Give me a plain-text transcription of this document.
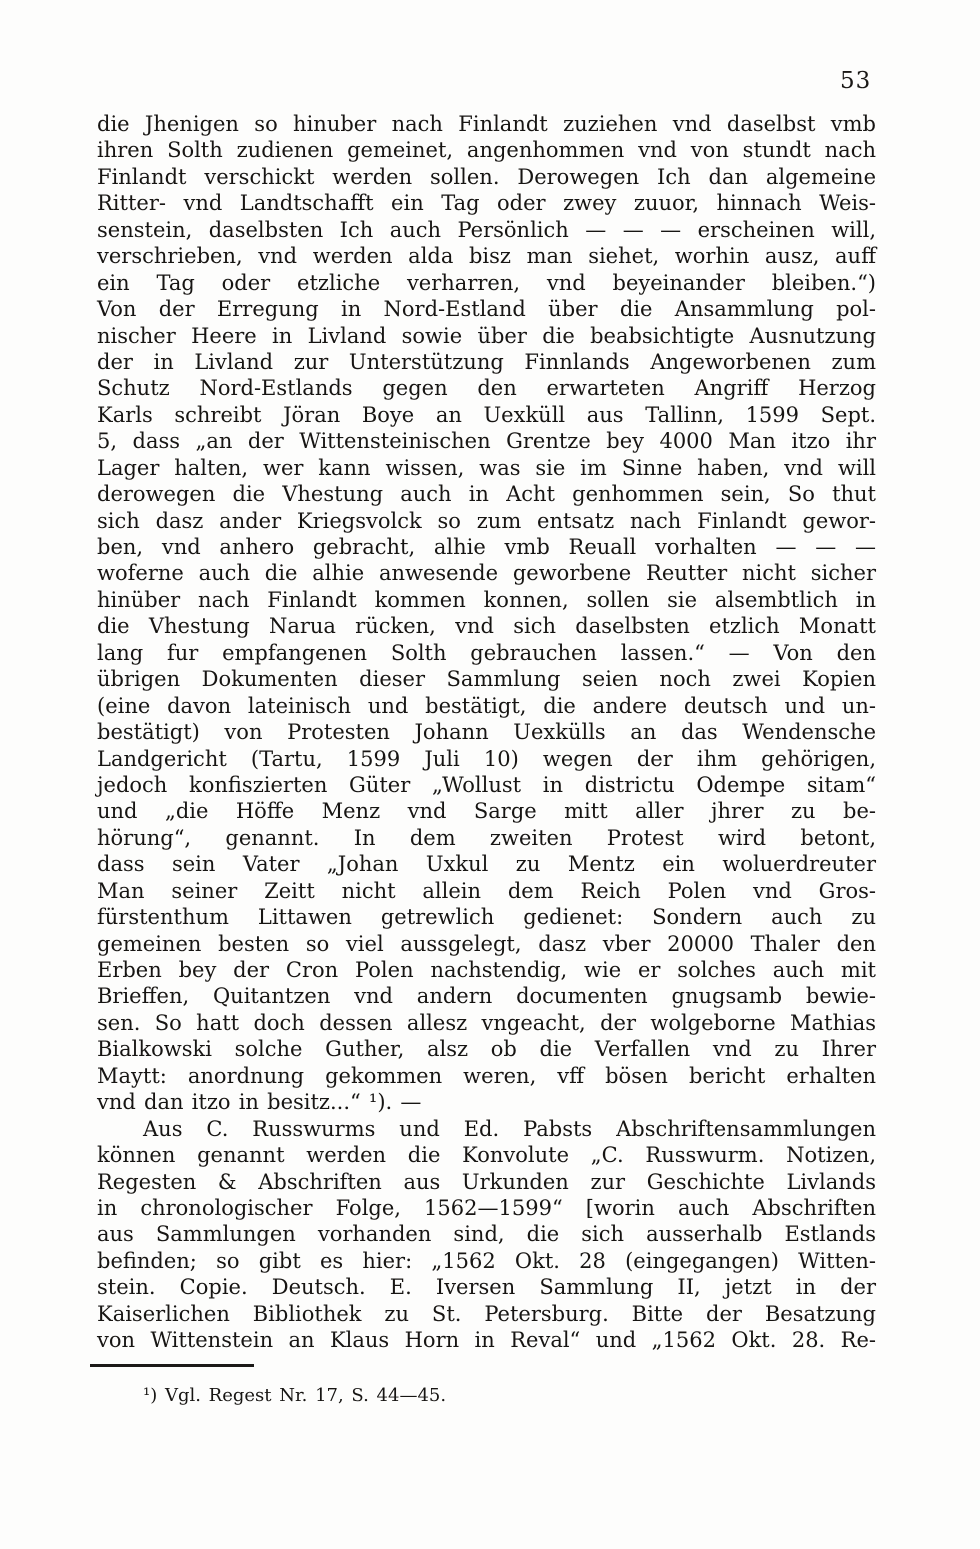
53
die Jhenigen so hinuber nach Finlandt zuziehen vnd daselbst vmb
ihren Solth zudienen gemeinet, angenhommen vnd von stundt nach
Finlandt verschickt werden sollen. Derowegen Ich dan algemeine
Ritter- vnd Landtschafft ein Tag oder zwey zuuor, hinnach Weis-
senstein, daselbsten Ich auch Persönlich — — — erscheinen will,
verschrieben, vnd werden alda bisz man siehet, worhin ausz, auff
ein Tag oder etzliche verharren, vnd beyeinander bleiben.“)
Von der Erregung in Nord-Estland über die Ansammlung pol-
nischer Heere in Livland sowie über die beabsichtigte Ausnutzung
der in Livland zur Unterstützung Finnlands Angeworbenen zum
Schutz Nord-Estlands gegen den erwarteten Angriff Herzog
Karls schreibt Jöran Boye an Uexküll aus Tallinn, 1599 Sept.
5, dass „an der Wittensteinischen Grentze bey 4000 Man itzo ihr
Lager halten, wer kann wissen, was sie im Sinne haben, vnd will
derowegen die Vhestung auch in Acht genhommen sein, So thut
sich dasz ander Kriegsvolck so zum entsatz nach Finlandt gewor-
ben, vnd anhero gebracht, alhie vmb Reuall vorhalten — — —
woferne auch die alhie anwesende geworbene Reutter nicht sicher
hinüber nach Finlandt kommen konnen, sollen sie alsembtlich in
die Vhestung Narua rücken, vnd sich daselbsten etzlich Monatt
lang fur empfangenen Solth gebrauchen lassen.“ — Von den
übrigen Dokumenten dieser Sammlung seien noch zwei Kopien
(eine davon lateinisch und bestätigt, die andere deutsch und un-
bestätigt) von Protesten Johann Uexkülls an das Wendensche
Landgericht (Tartu, 1599 Juli 10) wegen der ihm gehörigen,
jedoch konfiszierten Güter „Wollust in districtu Odempe sitam“
und „die Höffe Menz vnd Sarge mitt aller jhrer zu be-
hörung“, genannt. In dem zweiten Protest wird betont,
dass sein Vater „Johan Uxkul zu Mentz ein woluerdreuter
Man seiner Zeitt nicht allein dem Reich Polen vnd Gros-
fürstenthum Littawen getrewlich gedienet: Sondern auch zu
gemeinen besten so viel aussgelegt, dasz vber 20000 Thaler den
Erben bey der Cron Polen nachstendig, wie er solches auch mit
Brieffen, Quitantzen vnd andern documenten gnugsamb bewie-
sen. So hatt doch dessen allesz vngeacht, der wolgeborne Mathias
Bialkowski solche Guther, alsz ob die Verfallen vnd zu Ihrer
Maytt: anordnung gekommen weren, vff bösen bericht erhalten
vnd dan itzo in besitz...“ ¹). —
Aus C. Russwurms und Ed. Pabsts Abschriftensammlungen
können genannt werden die Konvolute „C. Russwurm. Notizen,
Regesten & Abschriften aus Urkunden zur Geschichte Livlands
in chronologischer Folge, 1562—1599“ [worin auch Abschriften
aus Sammlungen vorhanden sind, die sich ausserhalb Estlands
befinden; so gibt es hier: „1562 Okt. 28 (eingegangen) Witten-
stein. Copie. Deutsch. E. Iversen Sammlung II, jetzt in der
Kaiserlichen Bibliothek zu St. Petersburg. Bitte der Besatzung
von Wittenstein an Klaus Horn in Reval“ und „1562 Okt. 28. Re-
¹) Vgl. Regest Nr. 17, S. 44—45.
